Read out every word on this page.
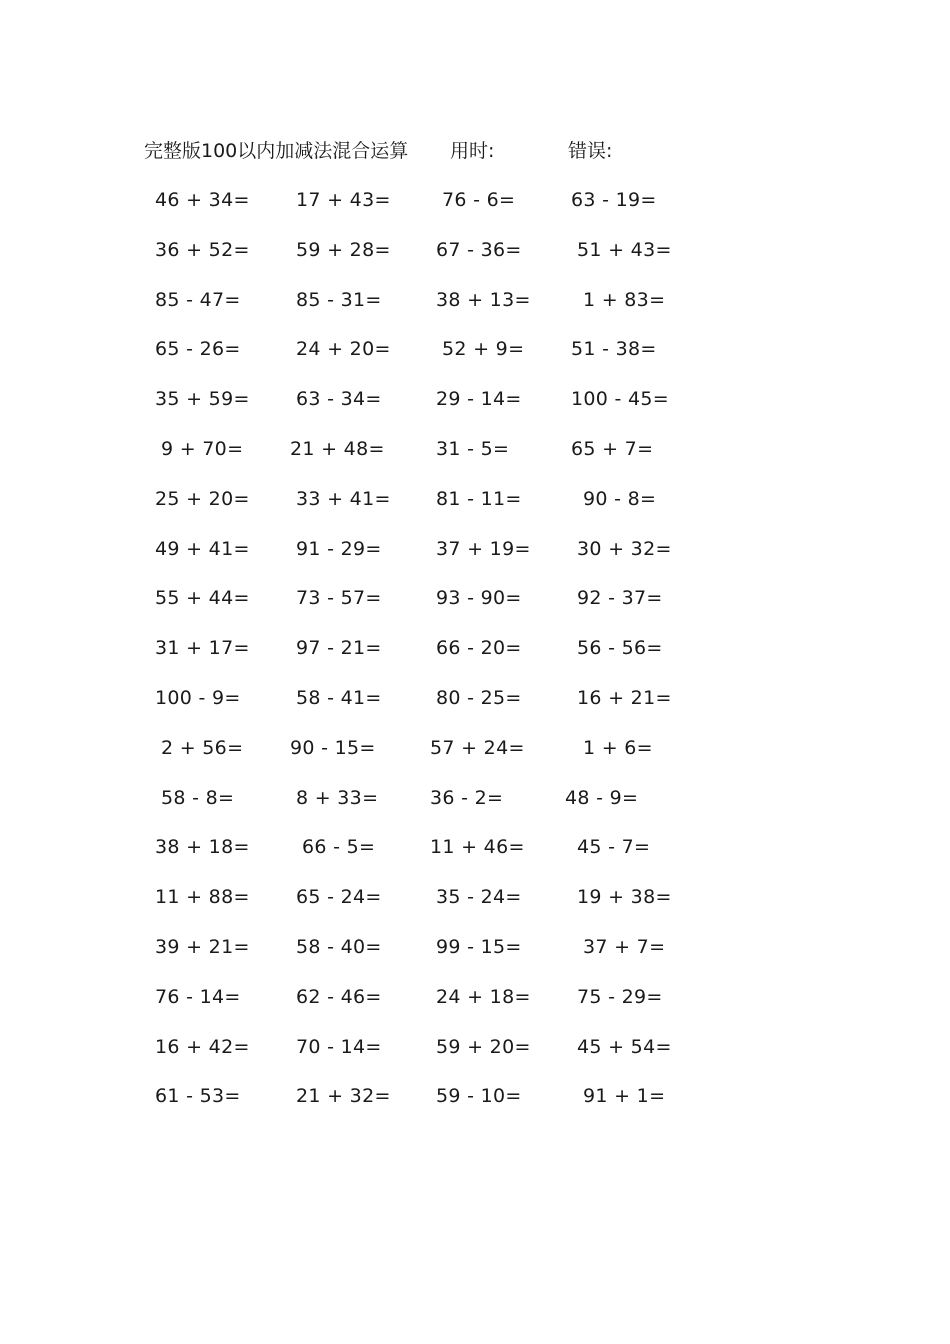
完整版100以内加减法混合运算 用时:	错误:
46 + 34=	17 + 43=	76 - 6=	63 - 19=
36 + 52=	59 + 28=	67 - 36=	51 + 43=
85 - 47=	85 - 31=	38 + 13=	1 + 83=
65 - 26=	24 + 20=	52 + 9=	51 - 38=
35 + 59=	63 - 34=	29 - 14=	100 - 45=
9 + 70=	21 + 48=	31 - 5=	65 + 7=
25 + 20=	33 + 41=	81 - 11=	90 - 8=
49 + 41=	91 - 29=	37 + 19=	30 + 32=
55 + 44=	73 - 57=	93 - 90=	92 - 37=
31 + 17=	97 - 21=	66 - 20=	56 - 56=
100 - 9=	58 - 41=	80 - 25=	16 + 21=
2 + 56=	90 - 15=	57 + 24=	1 + 6=
58 - 8=	8 + 33=	36 - 2=	48 - 9=
38 + 18=	66 - 5=	11 + 46=	45 - 7=
11 + 88=	65 - 24=	35 - 24=	19 + 38=
39 + 21=	58 - 40=	99 - 15=	37 + 7=
76 - 14=	62 - 46=	24 + 18=	75 - 29=
16 + 42=	70 - 14=	59 + 20=	45 + 54=
61 - 53=	21 + 32=	59 - 10=	91 + 1=
